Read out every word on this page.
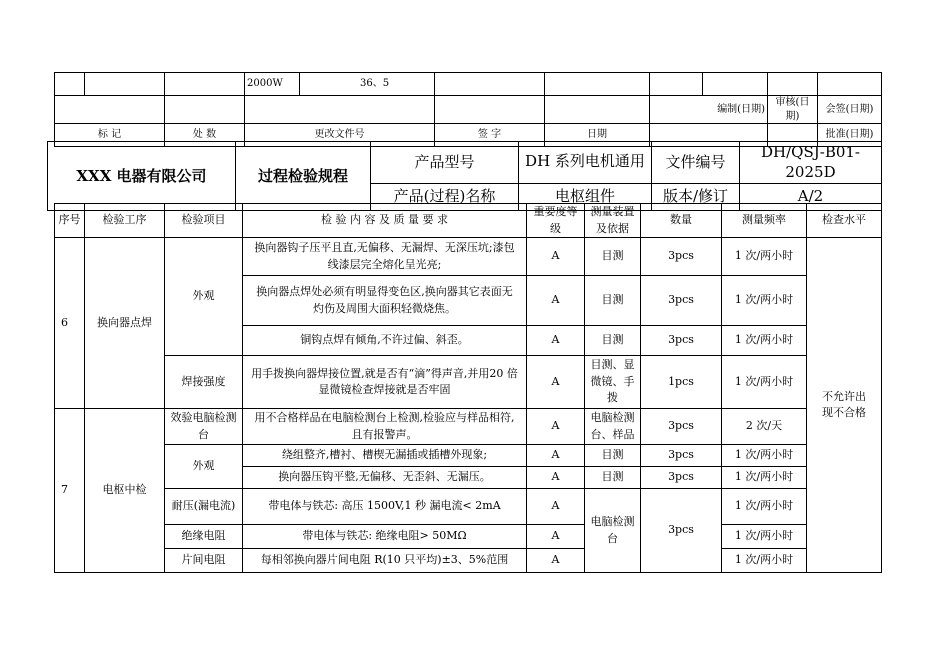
			2000W	36、5						
							编制(日期)		审核(日期)	会签(日期)
标 记		处 数	更改文件号		签 字	日期				批准(日期)
XXX 电器有限公司	过程检验规程	产品型号	DH 系列电机通用	文件编号	DH/QSJ-B01-2025D
		产品(过程)名称	电枢组件	版本/修订	A/2
序号	检验工序	检验项目	检 验 内 容 及 质 量 要 求	重要度等级	测量装置及依据	数量	测量频率	检查水平
6	换向器点焊	外观	换向器钩子压平且直,无偏移、无漏焊、无深压坑;漆包线漆层完全熔化呈光亮;	A	目测	3pcs	1 次/两小时	不允许出现不合格
			换向器点焊处必须有明显得变色区,换向器其它表面无灼伤及周围大面积轻微烧焦。	A	目测	3pcs	1 次/两小时	
			铜钩点焊有倾角,不许过偏、斜歪。	A	目测	3pcs	1 次/两小时	
		焊接强度	用手拨换向器焊接位置,就是否有“滴”得声音,并用20 倍显微镜检查焊接就是否牢固	A	目测、显微镜、手拨	1pcs	1 次/两小时	
7	电枢中检	效验电脑检测台	用不合格样品在电脑检测台上检测,检验应与样品相符,且有报警声。	A	电脑检测台、样品	3pcs	2 次/天	
		外观	绕组整齐,槽衬、槽楔无漏插或插槽外现象;	A	目测	3pcs	1 次/两小时	
			换向器压钩平整,无偏移、无歪斜、无漏压。	A	目测	3pcs	1 次/两小时	
		耐压(漏电流)	带电体与铁芯: 高压 1500V,1 秒 漏电流< 2mA	A	电脑检测台	3pcs	1 次/两小时	
		绝缘电阻	带电体与铁芯: 绝缘电阻> 50MΩ	A			1 次/两小时	
		片间电阻	每相邻换向器片间电阻 R(10 只平均)±3、5%范围	A			1 次/两小时	
